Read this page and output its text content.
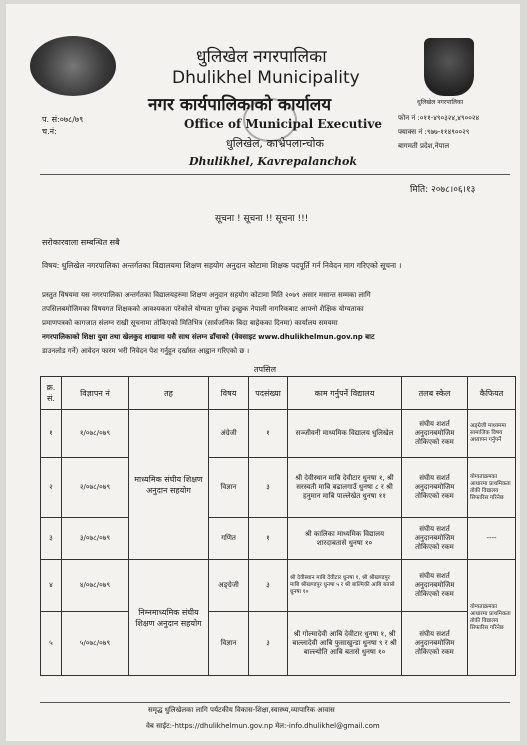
धुलिखेल नगरपालिका
Dhulikhel Municipality
नगर कार्यपालिकाको कार्यालय
Office of Municipal Executive
धुलिखेल, काभ्रेपलान्चोक
Dhulikhel, Kavrepalanchok
धुलिखेल नगरपालिका
प. सं:०७८/७९
च.नं:
फोन नं :०११-४९०३२४,४९००२४
फ्याक्स नं :९७७-११४९००२९
बागमती प्रदेश,नेपाल
मिति: २०७८।०६।१३
सूचना ! सूचना !! सूचना !!!
सरोकारवाला सम्बन्धित सबै
विषय: धुलिखेल नगरपालिका अन्तर्गतका विद्यालयमा शिक्षण सहयोग अनुदान कोटामा शिक्षक पदपूर्ति गर्न निवेदन माग गरिएको सूचना ।
प्रस्तुत विषयमा यस नगरपालिका अन्तर्गतका विद्यालयहरुमा शिक्षण अनुदान सहयोग कोटामा मिति २०७९ असार मसान्त सम्मका लागि
तपसिलबमोजिमका विषयगत शिक्षकको आवश्यकता परेकोले योग्यता पुगेका इच्छुक नेपाली नागरिकबाट आफ्नो शैक्षिक योग्यताका
प्रमाणपत्रको कागजात संलग्न राखी सूचनामा तोकिएको मितिभित्र (सार्वजनिक बिदा बाहेकका दिनमा) कार्यालय समयमा
नगरपालिकाको शिक्षा युवा तथा खेलकुद शाखामा यसै साथ संलग्न ढाँचाको (वेवसाइट www.dhulikhelmun.gov.np बाट
डाउनलोड गर्ने) आवेदन फारम भरी निवेदन पेश गर्नुहुन दर्खास्त आह्वान गरिएको छ ।
तपसिल
क्र. सं.	विज्ञापन नं	तह	विषय	पदसंख्या	काम गर्नुपर्ने विद्यालय	तलब स्केल	कैफियत
१	१/०७८/०७९	माध्यमिक संघीय शिक्षण अनुदान सहयोग	अंग्रेजी	१	सञ्जीवनी माध्यमिक विद्यालय धुलिखेल	संघीय शशर्त अनुदानबमोजिम तोकिएको रकम	अङ्ग्रेजी माध्यममा सामाजिक विषय अध्यापन गर्नुपर्ने
२	२/०७८/०७९		विज्ञान	३	श्री देवीस्थान माबि देवीटार धुनषा १, श्री सरस्वती माबि बढालगाउँ धुनषा ८ र श्री हनुमान माबि पाल्लेखेत धुनषा ११	संघीय सशर्त अनुदानबमोजिम तोकिएको रकम	योग्यताक्रमका आधारमा प्राथमिकता तोकी विद्यालय सिफारिस गरिनेछ
३	३/०७८/०७९		गणित	१	श्री कालिका माध्यमिक विद्यालय शारदाबतासे धुनषा १०	संघीय सशर्त अनुदानबमोजिम तोकिएको रकम	----
४	४/०७८/०७९	निम्नमाध्यमिक संघीय शिक्षण अनुदान सहयोग	अङ्ग्रेजी	३	श्री देवीस्थान माबि देवीटार धुनषा १, श्री श्रीखण्डपुर माबि श्रीखण्डपुर धुनषा ५ र श्री बाल्मिकी आबि बतासे धुनषा १०	संघीय सशर्त अनुदानबमोजिम तोकिएको रकम	योग्यताक्रमका आधारमा प्राथमिकता तोकी विद्यालय सिफारिस गरिनेछ
५	५/०७८/०७९		विज्ञान	३	श्री गोल्मादेवी आबि देवीटार धुनषा १, श्री बाल्लादेवी आबि फुसाखुन्डा धुनषा ९ र श्री बाल्ल्योति आबि बतासे धुनषा १०	संघीय सशर्त अनुदानबमोजिम तोकिएको रकम	
समृद्ध धुलिखेलका लागि पर्यटकीय विकास-शिक्षा,स्वास्थ्य,व्यापारिक आवास
वेब साईट:-https://dhulikhelmun.gov.np मेल:-info.dhulikhel@gmail.com
